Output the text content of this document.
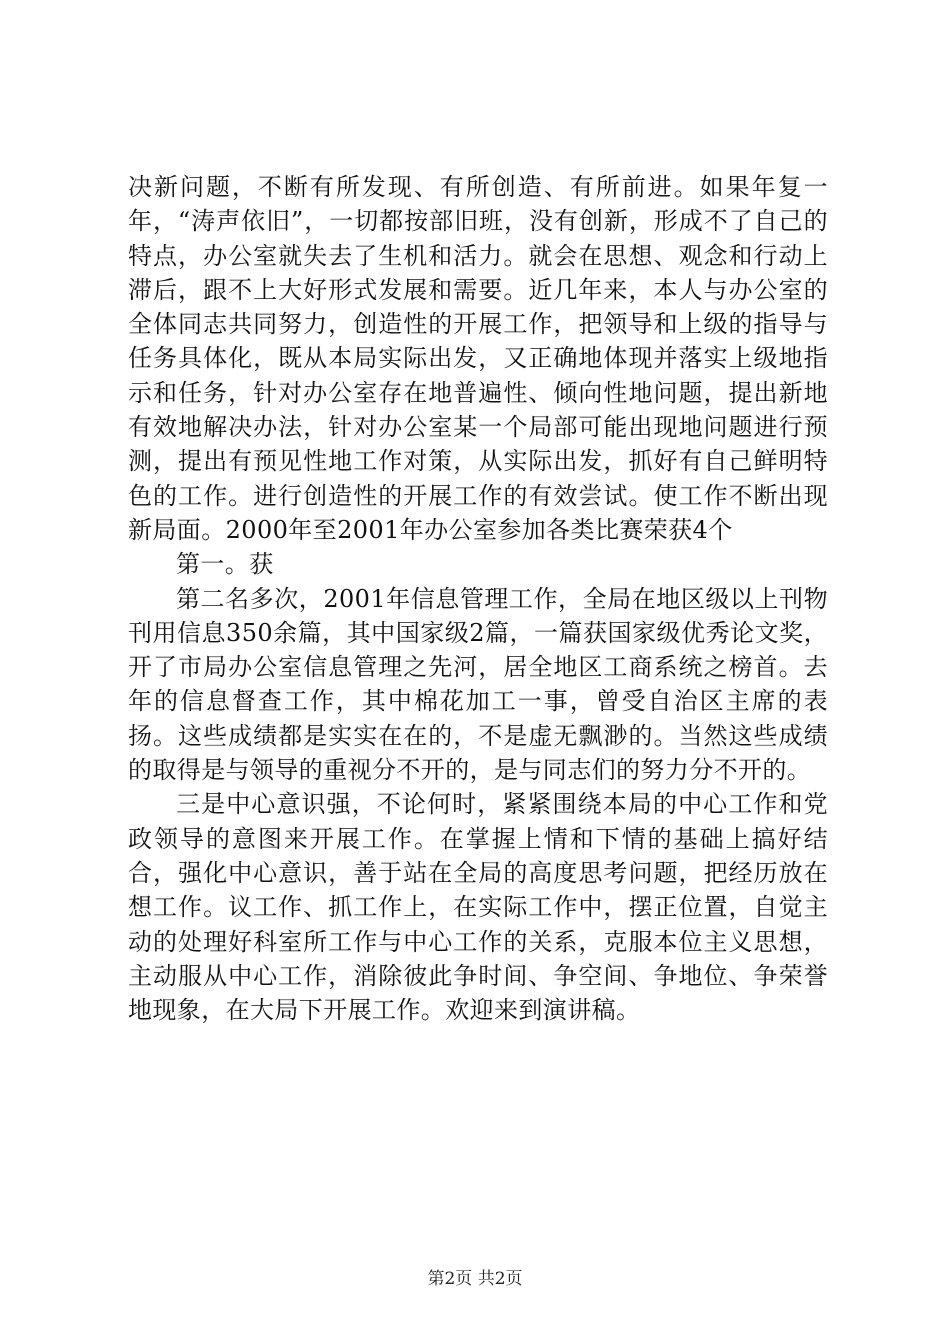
决新问题，不断有所发现、有所创造、有所前进。如果年复一年，“涛声依旧”，一切都按部旧班，没有创新，形成不了自己的特点，办公室就失去了生机和活力。就会在思想、观念和行动上滞后，跟不上大好形式发展和需要。近几年来，本人与办公室的全体同志共同努力，创造性的开展工作，把领导和上级的指导与任务具体化，既从本局实际出发，又正确地体现并落实上级地指示和任务，针对办公室存在地普遍性、倾向性地问题，提出新地有效地解决办法，针对办公室某一个局部可能出现地问题进行预测，提出有预见性地工作对策，从实际出发，抓好有自己鲜明特色的工作。进行创造性的开展工作的有效尝试。使工作不断出现新局面。2000年至2001年办公室参加各类比赛荣获4个

第一。获

第二名多次，2001年信息管理工作，全局在地区级以上刊物刊用信息350余篇，其中国家级2篇，一篇获国家级优秀论文奖，开了市局办公室信息管理之先河，居全地区工商系统之榜首。去年的信息督查工作，其中棉花加工一事，曾受自治区主席的表扬。这些成绩都是实实在在的，不是虚无飘渺的。当然这些成绩的取得是与领导的重视分不开的，是与同志们的努力分不开的。

三是中心意识强，不论何时，紧紧围绕本局的中心工作和党政领导的意图来开展工作。在掌握上情和下情的基础上搞好结合，强化中心意识，善于站在全局的高度思考问题，把经历放在想工作。议工作、抓工作上，在实际工作中，摆正位置，自觉主动的处理好科室所工作与中心工作的关系，克服本位主义思想，主动服从中心工作，消除彼此争时间、争空间、争地位、争荣誉地现象，在大局下开展工作。欢迎来到演讲稿。

第2页 共2页
